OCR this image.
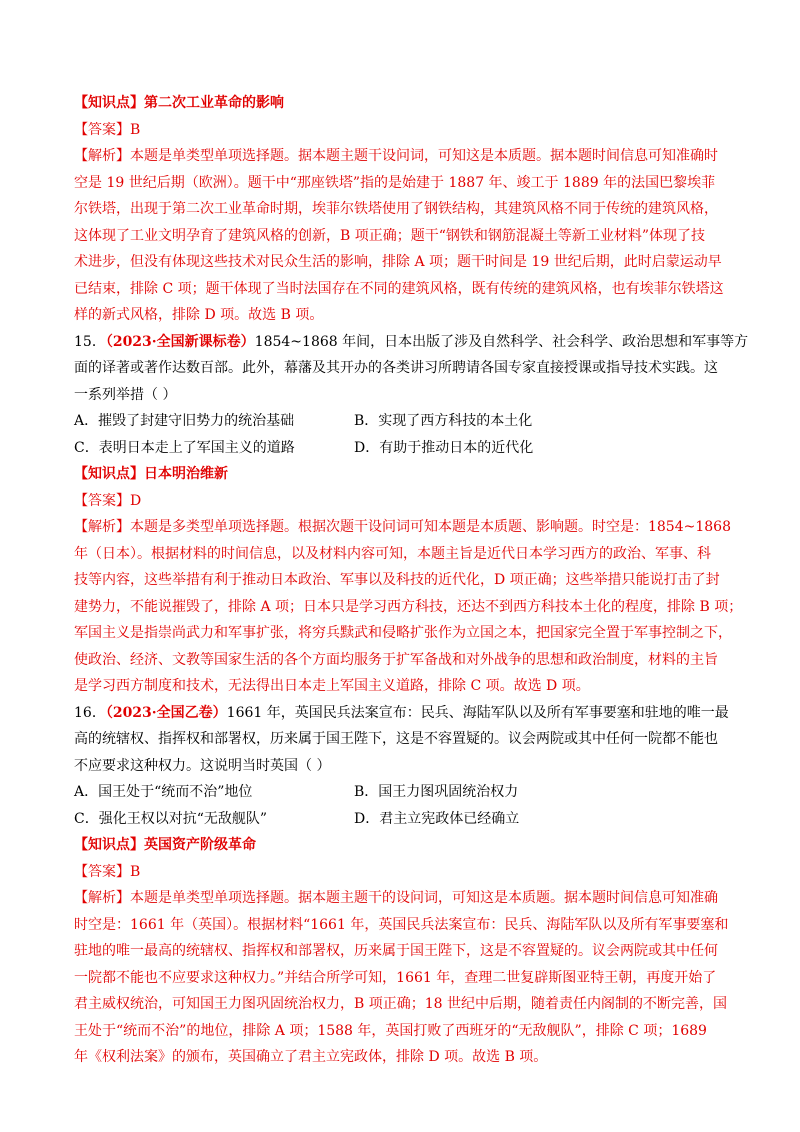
【知识点】第二次工业革命的影响
【答案】B
【解析】本题是单类型单项选择题。据本题主题干设问词，可知这是本质题。据本题时间信息可知准确时
空是 19 世纪后期（欧洲）。题干中“那座铁塔”指的是始建于 1887 年、竣工于 1889 年的法国巴黎埃菲
尔铁塔，出现于第二次工业革命时期，埃菲尔铁塔使用了钢铁结构，其建筑风格不同于传统的建筑风格，
这体现了工业文明孕育了建筑风格的创新，B 项正确；题干“钢铁和钢筋混凝土等新工业材料”体现了技
术进步，但没有体现这些技术对民众生活的影响，排除 A 项；题干时间是 19 世纪后期，此时启蒙运动早
已结束，排除 C 项；题干体现了当时法国存在不同的建筑风格，既有传统的建筑风格，也有埃菲尔铁塔这
样的新式风格，排除 D 项。故选 B 项。
15．（2023·全国新课标卷）1854~1868 年间，日本出版了涉及自然科学、社会科学、政治思想和军事等方
面的译著或著作达数百部。此外，幕藩及其开办的各类讲习所聘请各国专家直接授课或指导技术实践。这
一系列举措（ ）
A．摧毁了封建守旧势力的统治基础	B．实现了西方科技的本土化
C．表明日本走上了军国主义的道路	D．有助于推动日本的近代化
【知识点】日本明治维新
【答案】D
【解析】本题是多类型单项选择题。根据次题干设问词可知本题是本质题、影响题。时空是：1854~1868
年（日本）。根据材料的时间信息，以及材料内容可知，本题主旨是近代日本学习西方的政治、军事、科
技等内容，这些举措有利于推动日本政治、军事以及科技的近代化，D 项正确；这些举措只能说打击了封
建势力，不能说摧毁了，排除 A 项；日本只是学习西方科技，还达不到西方科技本土化的程度，排除 B 项；
军国主义是指崇尚武力和军事扩张，将穷兵黩武和侵略扩张作为立国之本，把国家完全置于军事控制之下，
使政治、经济、文教等国家生活的各个方面均服务于扩军备战和对外战争的思想和政治制度，材料的主旨
是学习西方制度和技术，无法得出日本走上军国主义道路，排除 C 项。故选 D 项。
16．（2023·全国乙卷）1661 年，英国民兵法案宣布：民兵、海陆军队以及所有军事要塞和驻地的唯一最
高的统辖权、指挥权和部署权，历来属于国王陛下，这是不容置疑的。议会两院或其中任何一院都不能也
不应要求这种权力。这说明当时英国（ ）
A．国王处于“统而不治”地位	B．国王力图巩固统治权力
C．强化王权以对抗“无敌舰队”	D．君主立宪政体已经确立
【知识点】英国资产阶级革命
【答案】B
【解析】本题是单类型单项选择题。据本题主题干的设问词，可知这是本质题。据本题时间信息可知准确
时空是：1661 年（英国）。根据材料“1661 年，英国民兵法案宣布：民兵、海陆军队以及所有军事要塞和
驻地的唯一最高的统辖权、指挥权和部署权，历来属于国王陛下，这是不容置疑的。议会两院或其中任何
一院都不能也不应要求这种权力。”并结合所学可知，1661 年，查理二世复辟斯图亚特王朝，再度开始了
君主威权统治，可知国王力图巩固统治权力，B 项正确；18 世纪中后期，随着责任内阁制的不断完善，国
王处于“统而不治”的地位，排除 A 项；1588 年，英国打败了西班牙的“无敌舰队”，排除 C 项；1689
年《权利法案》的颁布，英国确立了君主立宪政体，排除 D 项。故选 B 项。
